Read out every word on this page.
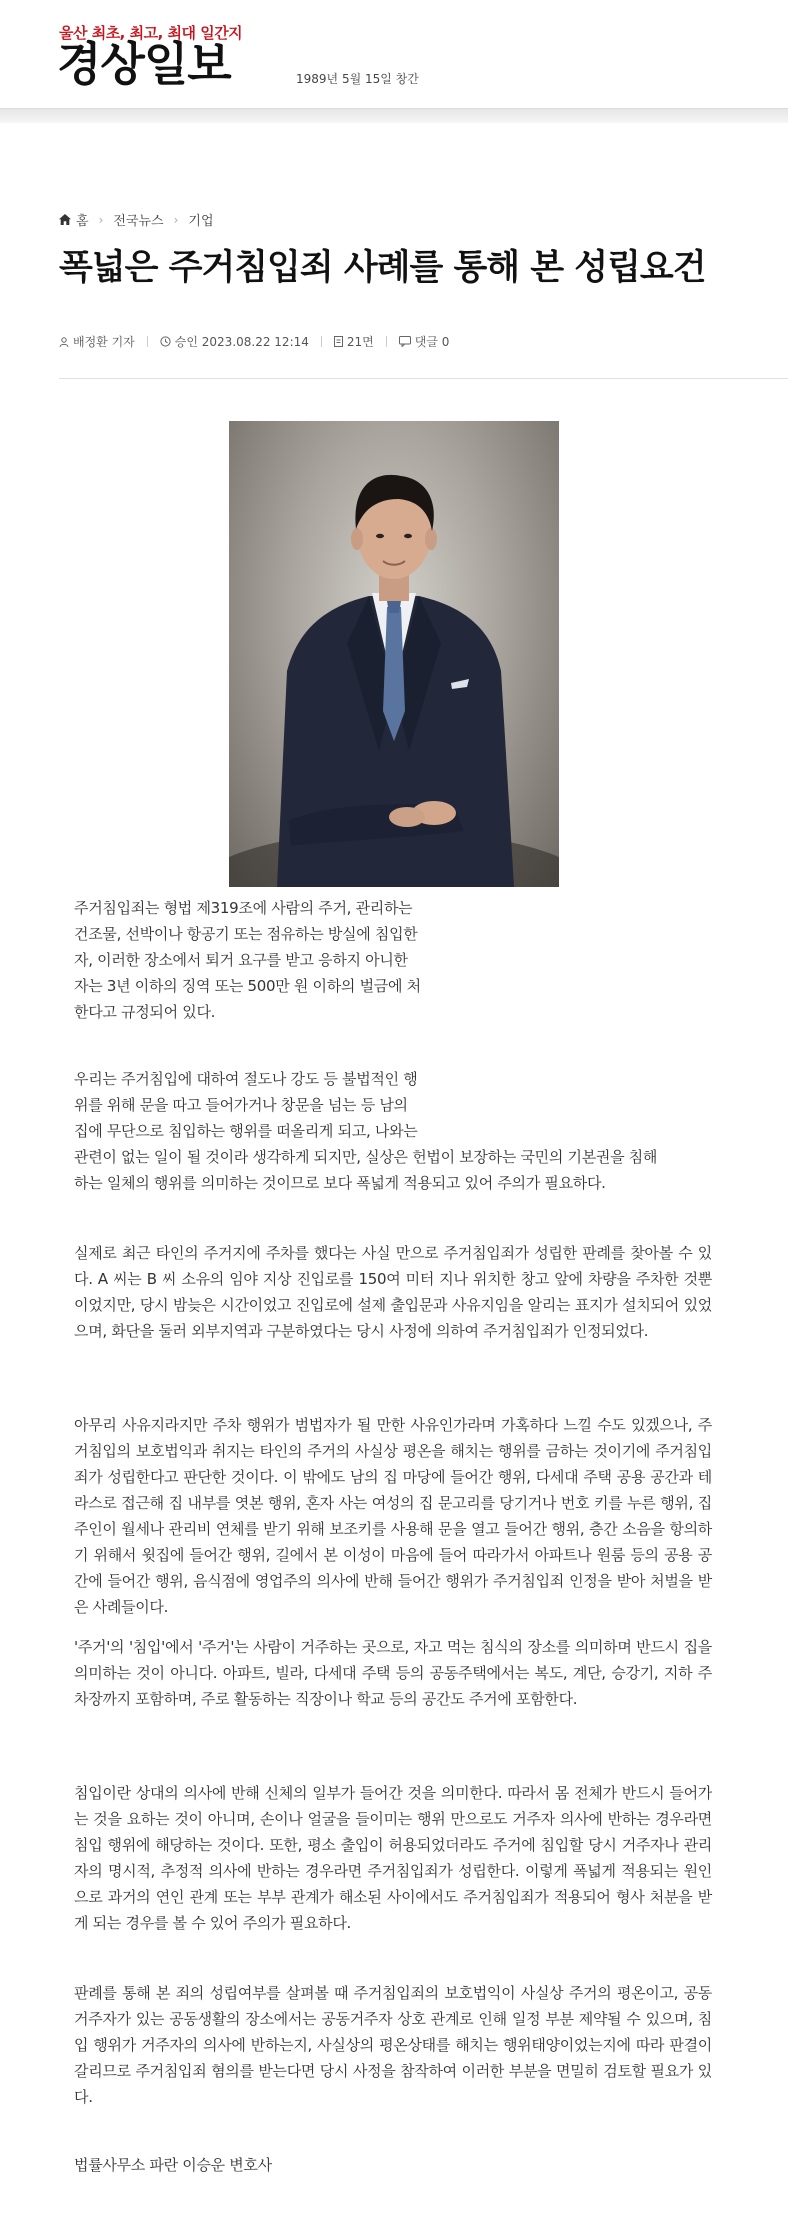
울산 최초, 최고, 최대 일간지
경상일보	1989년 5월 15일 창간
홈 › 전국뉴스 › 기업
폭넓은 주거침입죄 사례를 통해 본 성립요건
배정환 기자	승인 2023.08.22 12:14	21면	댓글 0
주거침입죄는 형법 제319조에 사람의 주거, 관리하는
건조물, 선박이나 항공기 또는 점유하는 방실에 침입한
자, 이러한 장소에서 퇴거 요구를 받고 응하지 아니한
자는 3년 이하의 징역 또는 500만 원 이하의 벌금에 처
한다고 규정되어 있다.
우리는 주거침입에 대하여 절도나 강도 등 불법적인 행
위를 위해 문을 따고 들어가거나 창문을 넘는 등 남의
집에 무단으로 침입하는 행위를 떠올리게 되고, 나와는
관련이 없는 일이 될 것이라 생각하게 되지만, 실상은 헌법이 보장하는 국민의 기본권을 침해
하는 일체의 행위를 의미하는 것이므로 보다 폭넓게 적용되고 있어 주의가 필요하다.

실제로 최근 타인의 주거지에 주차를 했다는 사실 만으로 주거침입죄가 성립한 판례를 찾아볼 수 있다. A 씨는 B 씨 소유의 임야 지상 진입로를 150여 미터 지나 위치한 창고 앞에 차량을 주차한 것뿐이었지만, 당시 밤늦은 시간이었고 진입로에 설제 출입문과 사유지임을 알리는 표지가 설치되어 있었으며, 화단을 둘러 외부지역과 구분하였다는 당시 사정에 의하여 주거침입죄가 인정되었다.

아무리 사유지라지만 주차 행위가 범법자가 될 만한 사유인가라며 가혹하다 느낄 수도 있겠으나, 주거침입의 보호법익과 취지는 타인의 주거의 사실상 평온을 해치는 행위를 금하는 것이기에 주거침입죄가 성립한다고 판단한 것이다. 이 밖에도 남의 집 마당에 들어간 행위, 다세대 주택 공용 공간과 테라스로 접근해 집 내부를 엿본 행위, 혼자 사는 여성의 집 문고리를 당기거나 번호 키를 누른 행위, 집주인이 월세나 관리비 연체를 받기 위해 보조키를 사용해 문을 열고 들어간 행위, 층간 소음을 항의하기 위해서 윗집에 들어간 행위, 길에서 본 이성이 마음에 들어 따라가서 아파트나 원룸 등의 공용 공간에 들어간 행위, 음식점에 영업주의 의사에 반해 들어간 행위가 주거침입죄 인정을 받아 처벌을 받은 사례들이다.

'주거'의 '침입'에서 '주거'는 사람이 거주하는 곳으로, 자고 먹는 침식의 장소를 의미하며 반드시 집을 의미하는 것이 아니다. 아파트, 빌라, 다세대 주택 등의 공동주택에서는 복도, 계단, 승강기, 지하 주차장까지 포함하며, 주로 활동하는 직장이나 학교 등의 공간도 주거에 포함한다.

침입이란 상대의 의사에 반해 신체의 일부가 들어간 것을 의미한다. 따라서 몸 전체가 반드시 들어가는 것을 요하는 것이 아니며, 손이나 얼굴을 들이미는 행위 만으로도 거주자 의사에 반하는 경우라면 침입 행위에 해당하는 것이다. 또한, 평소 출입이 허용되었더라도 주거에 침입할 당시 거주자나 관리자의 명시적, 추정적 의사에 반하는 경우라면 주거침입죄가 성립한다. 이렇게 폭넓게 적용되는 원인으로 과거의 연인 관계 또는 부부 관계가 해소된 사이에서도 주거침입죄가 적용되어 형사 처분을 받게 되는 경우를 볼 수 있어 주의가 필요하다.

판례를 통해 본 죄의 성립여부를 살펴볼 때 주거침입죄의 보호법익이 사실상 주거의 평온이고, 공동거주자가 있는 공동생활의 장소에서는 공동거주자 상호 관계로 인해 일정 부분 제약될 수 있으며, 침입 행위가 거주자의 의사에 반하는지, 사실상의 평온상태를 해치는 행위태양이었는지에 따라 판결이 갈리므로 주거침입죄 혐의를 받는다면 당시 사정을 참작하여 이러한 부분을 면밀히 검토할 필요가 있다.

법률사무소 파란 이승운 변호사
